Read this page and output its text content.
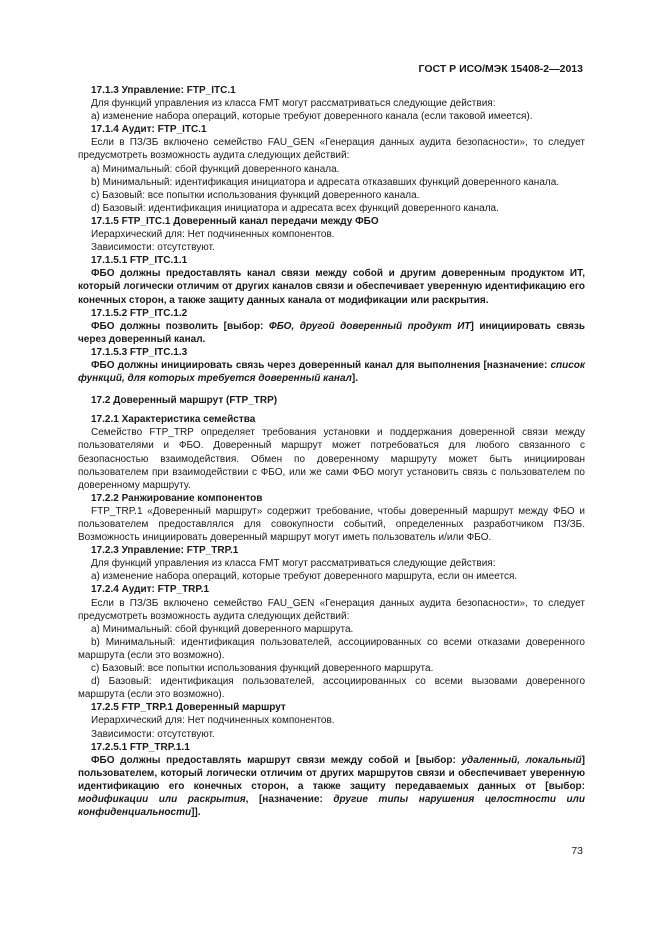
ГОСТ Р ИСО/МЭК 15408-2—2013

17.1.3 Управление: FTP_ITC.1

Для функций управления из класса FMT могут рассматриваться следующие действия:

a) изменение набора операций, которые требуют доверенного канала (если таковой имеется).

17.1.4 Аудит: FTP_ITC.1

Если в ПЗ/ЗБ включено семейство FAU_GEN «Генерация данных аудита безопасности», то следует предусмотреть возможность аудита следующих действий:

a) Минимальный: сбой функций доверенного канала.

b) Минимальный: идентификация инициатора и адресата отказавших функций доверенного канала.

c) Базовый: все попытки использования функций доверенного канала.

d) Базовый: идентификация инициатора и адресата всех функций доверенного канала.

17.1.5 FTP_ITC.1 Доверенный канал передачи между ФБО

Иерархический для: Нет подчиненных компонентов.

Зависимости: отсутствуют.

17.1.5.1 FTP_ITC.1.1

ФБО должны предоставлять канал связи между собой и другим доверенным продуктом ИТ, который логически отличим от других каналов связи и обеспечивает уверенную идентификацию его конечных сторон, а также защиту данных канала от модификации или раскрытия.

17.1.5.2 FTP_ITC.1.2

ФБО должны позволить [выбор: ФБО, другой доверенный продукт ИТ] инициировать связь через доверенный канал.

17.1.5.3 FTP_ITC.1.3

ФБО должны инициировать связь через доверенный канал для выполнения [назначение: список функций, для которых требуется доверенный канал].

17.2 Доверенный маршрут (FTP_TRP)

17.2.1 Характеристика семейства

Семейство FTP_TRP определяет требования установки и поддержания доверенной связи между пользователями и ФБО. Доверенный маршрут может потребоваться для любого связанного с безопасностью взаимодействия. Обмен по доверенному маршруту может быть инициирован пользователем при взаимодействии с ФБО, или же сами ФБО могут установить связь с пользователем по доверенному маршруту.

17.2.2 Ранжирование компонентов

FTP_TRP.1 «Доверенный маршрут» содержит требование, чтобы доверенный маршрут между ФБО и пользователем предоставлялся для совокупности событий, определенных разработчиком ПЗ/ЗБ. Возможность инициировать доверенный маршрут могут иметь пользователь и/или ФБО.

17.2.3 Управление: FTP_TRP.1

Для функций управления из класса FMT могут рассматриваться следующие действия:

a) изменение набора операций, которые требуют доверенного маршрута, если он имеется.

17.2.4 Аудит: FTP_TRP.1

Если в ПЗ/ЗБ включено семейство FAU_GEN «Генерация данных аудита безопасности», то следует предусмотреть возможность аудита следующих действий:

a) Минимальный: сбой функций доверенного маршрута.

b) Минимальный: идентификация пользователей, ассоциированных со всеми отказами доверенного маршрута (если это возможно).

c) Базовый: все попытки использования функций доверенного маршрута.

d) Базовый: идентификация пользователей, ассоциированных со всеми вызовами доверенного маршрута (если это возможно).

17.2.5 FTP_TRP.1 Доверенный маршрут

Иерархический для: Нет подчиненных компонентов.

Зависимости: отсутствуют.

17.2.5.1 FTP_TRP.1.1

ФБО должны предоставлять маршрут связи между собой и [выбор: удаленный, локальный] пользователем, который логически отличим от других маршрутов связи и обеспечивает уверенную идентификацию его конечных сторон, а также защиту передаваемых данных от [выбор: модификации или раскрытия, [назначение: другие типы нарушения целостности или конфиденциальности]].

73
